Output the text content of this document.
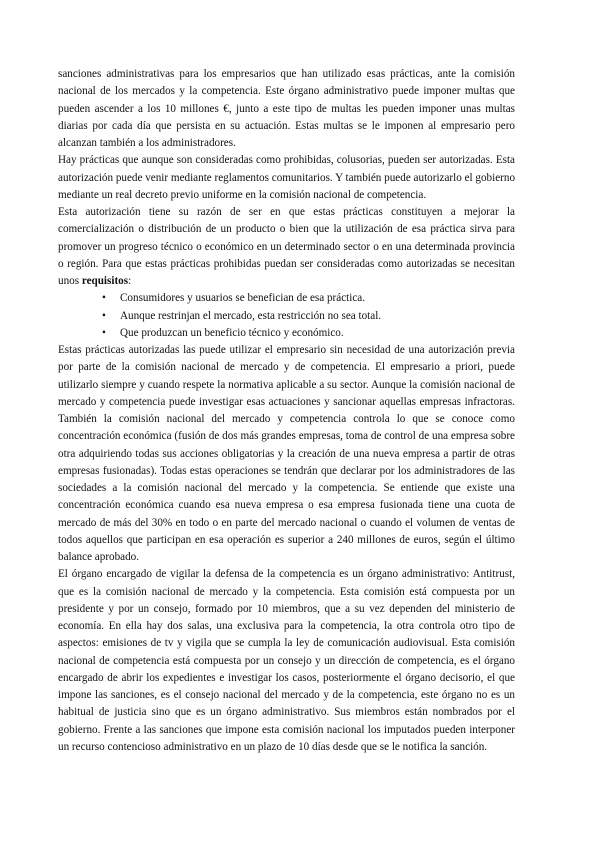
sanciones administrativas para los empresarios que han utilizado esas prácticas, ante la comisión nacional de los mercados y la competencia. Este órgano administrativo puede imponer multas que pueden ascender a los 10 millones €, junto a este tipo de multas les pueden imponer unas multas diarias por cada día que persista en su actuación. Estas multas se le imponen al empresario pero alcanzan también a los administradores.

Hay prácticas que aunque son consideradas como prohibidas, colusorias, pueden ser autorizadas. Esta autorización puede venir mediante reglamentos comunitarios. Y también puede autorizarlo el gobierno mediante un real decreto previo uniforme en la comisión nacional de competencia.

Esta autorización tiene su razón de ser en que estas prácticas constituyen a mejorar la comercialización o distribución de un producto o bien que la utilización de esa práctica sirva para promover un progreso técnico o económico en un determinado sector o en una determinada provincia o región. Para que estas prácticas prohibidas puedan ser consideradas como autorizadas se necesitan unos requisitos:

• Consumidores y usuarios se benefician de esa práctica.
• Aunque restrinjan el mercado, esta restricción no sea total.
• Que produzcan un beneficio técnico y económico.

Estas prácticas autorizadas las puede utilizar el empresario sin necesidad de una autorización previa por parte de la comisión nacional de mercado y de competencia. El empresario a priori, puede utilizarlo siempre y cuando respete la normativa aplicable a su sector. Aunque la comisión nacional de mercado y competencia puede investigar esas actuaciones y sancionar aquellas empresas infractoras. También la comisión nacional del mercado y competencia controla lo que se conoce como concentración económica (fusión de dos más grandes empresas, toma de control de una empresa sobre otra adquiriendo todas sus acciones obligatorias y la creación de una nueva empresa a partir de otras empresas fusionadas). Todas estas operaciones se tendrán que declarar por los administradores de las sociedades a la comisión nacional del mercado y la competencia. Se entiende que existe una concentración económica cuando esa nueva empresa o esa empresa fusionada tiene una cuota de mercado de más del 30% en todo o en parte del mercado nacional o cuando el volumen de ventas de todos aquellos que participan en esa operación es superior a 240 millones de euros, según el último balance aprobado.

El órgano encargado de vigilar la defensa de la competencia es un órgano administrativo: Antitrust, que es la comisión nacional de mercado y la competencia. Esta comisión está compuesta por un presidente y por un consejo, formado por 10 miembros, que a su vez dependen del ministerio de economía. En ella hay dos salas, una exclusiva para la competencia, la otra controla otro tipo de aspectos: emisiones de tv y vigila que se cumpla la ley de comunicación audiovisual. Esta comisión nacional de competencia está compuesta por un consejo y un dirección de competencia, es el órgano encargado de abrir los expedientes e investigar los casos, posteriormente el órgano decisorio, el que impone las sanciones, es el consejo nacional del mercado y de la competencia, este órgano no es un habitual de justicia sino que es un órgano administrativo. Sus miembros están nombrados por el gobierno. Frente a las sanciones que impone esta comisión nacional los imputados pueden interponer un recurso contencioso administrativo en un plazo de 10 días desde que se le notifica la sanción.
